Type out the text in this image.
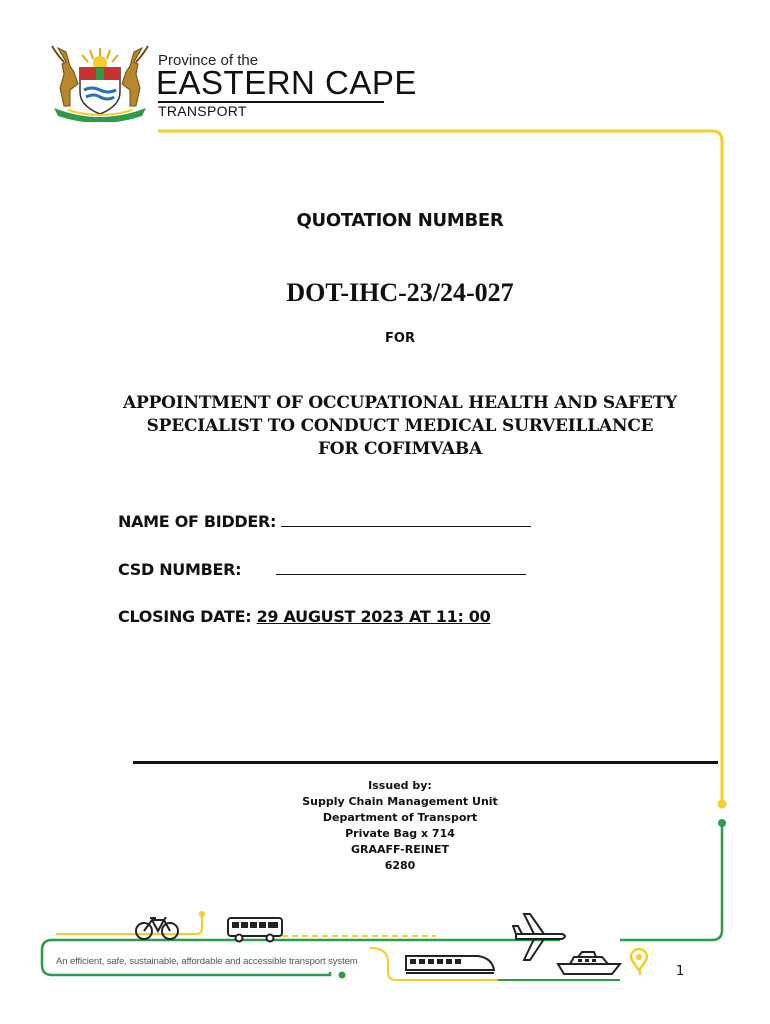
Province of the
EASTERN CAPE
TRANSPORT
QUOTATION NUMBER
DOT-IHC-23/24-027
FOR
APPOINTMENT OF OCCUPATIONAL HEALTH AND SAFETY
SPECIALIST TO CONDUCT MEDICAL SURVEILLANCE
FOR COFIMVABA
NAME OF BIDDER:
CSD NUMBER:
CLOSING DATE: 29 AUGUST 2023 AT 11: 00
Issued by:
Supply Chain Management Unit
Department of Transport
Private Bag x 714
GRAAFF-REINET
6280
An efficient, safe, sustainable, affordable and accessible transport system
1
